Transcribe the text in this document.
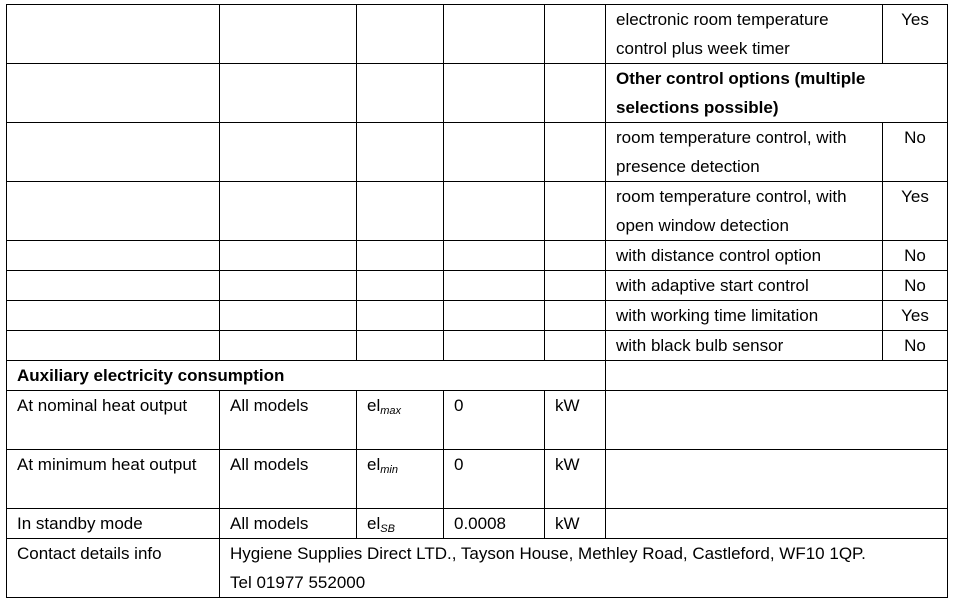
					electronic room temperature control plus week timer	Yes
					Other control options (multiple selections possible)	
					room temperature control, with presence detection	No
					room temperature control, with open window detection	Yes
					with distance control option	No
					with adaptive start control	No
					with working time limitation	Yes
					with black bulb sensor	No
Auxiliary electricity consumption						
At nominal heat output	All models	$el_{max}$	0	kW		
At minimum heat output	All models	$el_{min}$	0	kW		
In standby mode	All models	$el_{SB}$	0.0008	kW		
Contact details info	Hygiene Supplies Direct LTD., Tayson House, Methley Road, Castleford, WF10 1QP.
Tel 01977 552000					
